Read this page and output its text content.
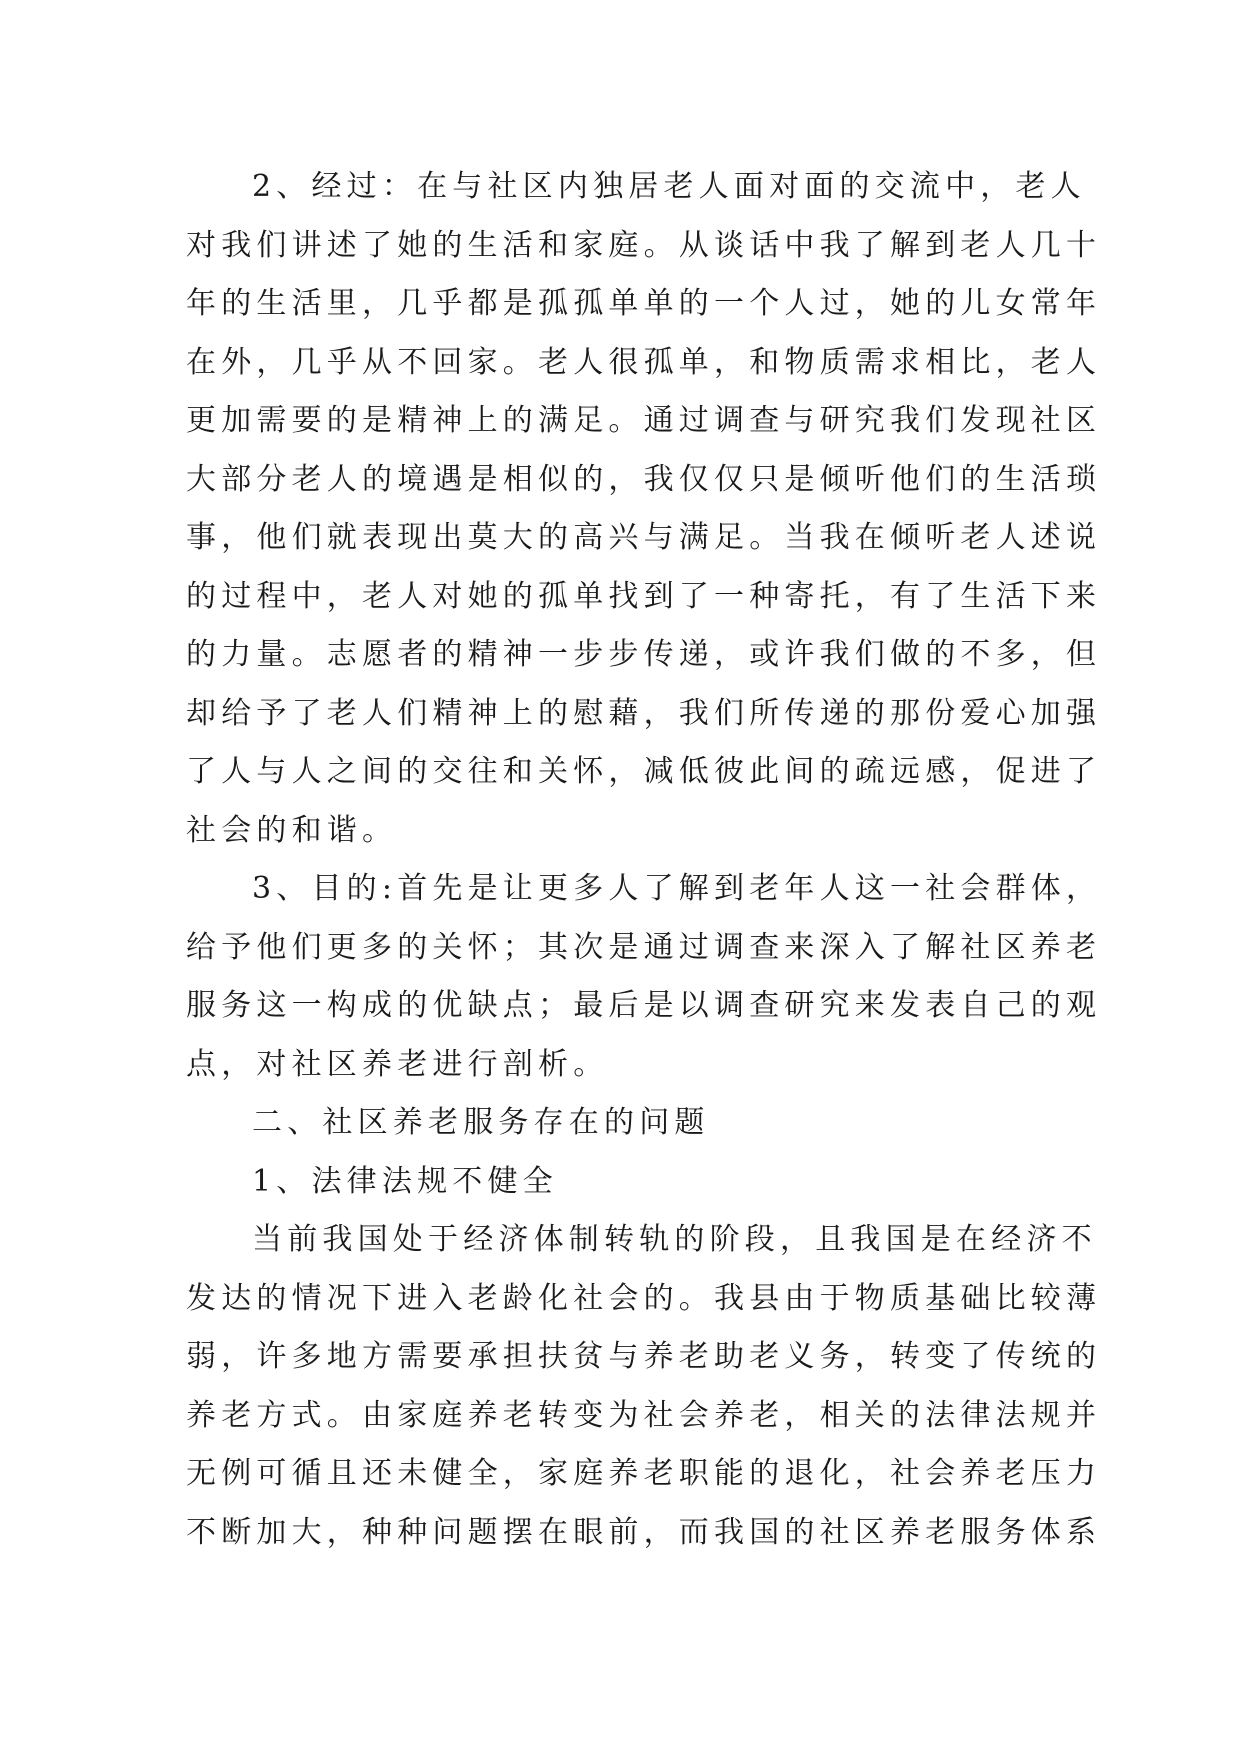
2、经过：在与社区内独居老人面对面的交流中，老人
对我们讲述了她的生活和家庭。从谈话中我了解到老人几十
年的生活里，几乎都是孤孤单单的一个人过，她的儿女常年
在外，几乎从不回家。老人很孤单，和物质需求相比，老人
更加需要的是精神上的满足。通过调查与研究我们发现社区
大部分老人的境遇是相似的，我仅仅只是倾听他们的生活琐
事，他们就表现出莫大的高兴与满足。当我在倾听老人述说
的过程中，老人对她的孤单找到了一种寄托，有了生活下来
的力量。志愿者的精神一步步传递，或许我们做的不多，但
却给予了老人们精神上的慰藉，我们所传递的那份爱心加强
了人与人之间的交往和关怀，减低彼此间的疏远感，促进了
社会的和谐。
3、目的:首先是让更多人了解到老年人这一社会群体，
给予他们更多的关怀；其次是通过调查来深入了解社区养老
服务这一构成的优缺点；最后是以调查研究来发表自己的观
点，对社区养老进行剖析。
二、社区养老服务存在的问题
1、法律法规不健全
当前我国处于经济体制转轨的阶段，且我国是在经济不
发达的情况下进入老龄化社会的。我县由于物质基础比较薄
弱，许多地方需要承担扶贫与养老助老义务，转变了传统的
养老方式。由家庭养老转变为社会养老，相关的法律法规并
无例可循且还未健全，家庭养老职能的退化，社会养老压力
不断加大，种种问题摆在眼前，而我国的社区养老服务体系
